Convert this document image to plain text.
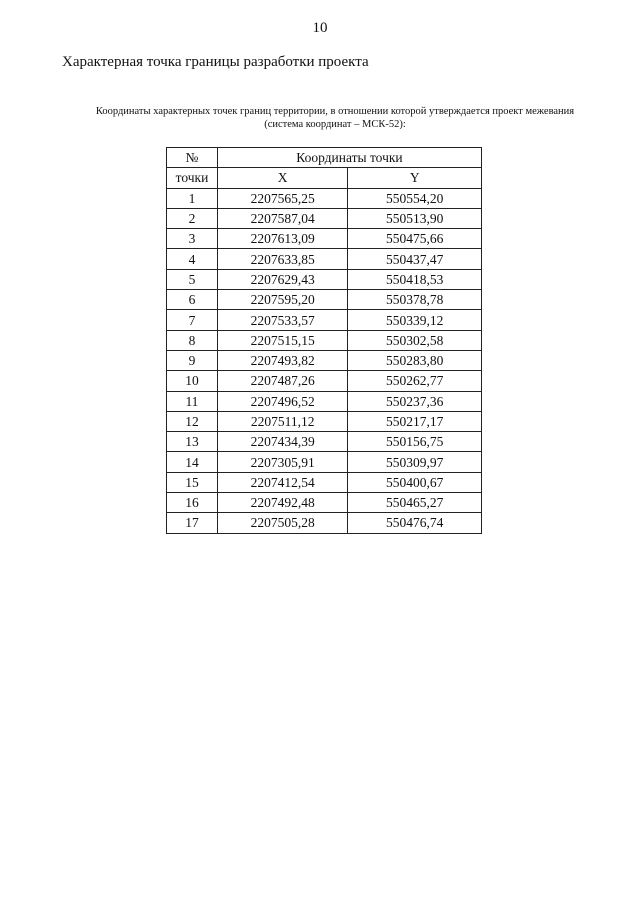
10
Характерная точка границы разработки проекта
Координаты характерных точек границ территории, в отношении которой утверждается проект межевания
(система координат – МСК-52):
№	Координаты точки	
точки	X	Y
1	2207565,25	550554,20
2	2207587,04	550513,90
3	2207613,09	550475,66
4	2207633,85	550437,47
5	2207629,43	550418,53
6	2207595,20	550378,78
7	2207533,57	550339,12
8	2207515,15	550302,58
9	2207493,82	550283,80
10	2207487,26	550262,77
11	2207496,52	550237,36
12	2207511,12	550217,17
13	2207434,39	550156,75
14	2207305,91	550309,97
15	2207412,54	550400,67
16	2207492,48	550465,27
17	2207505,28	550476,74
